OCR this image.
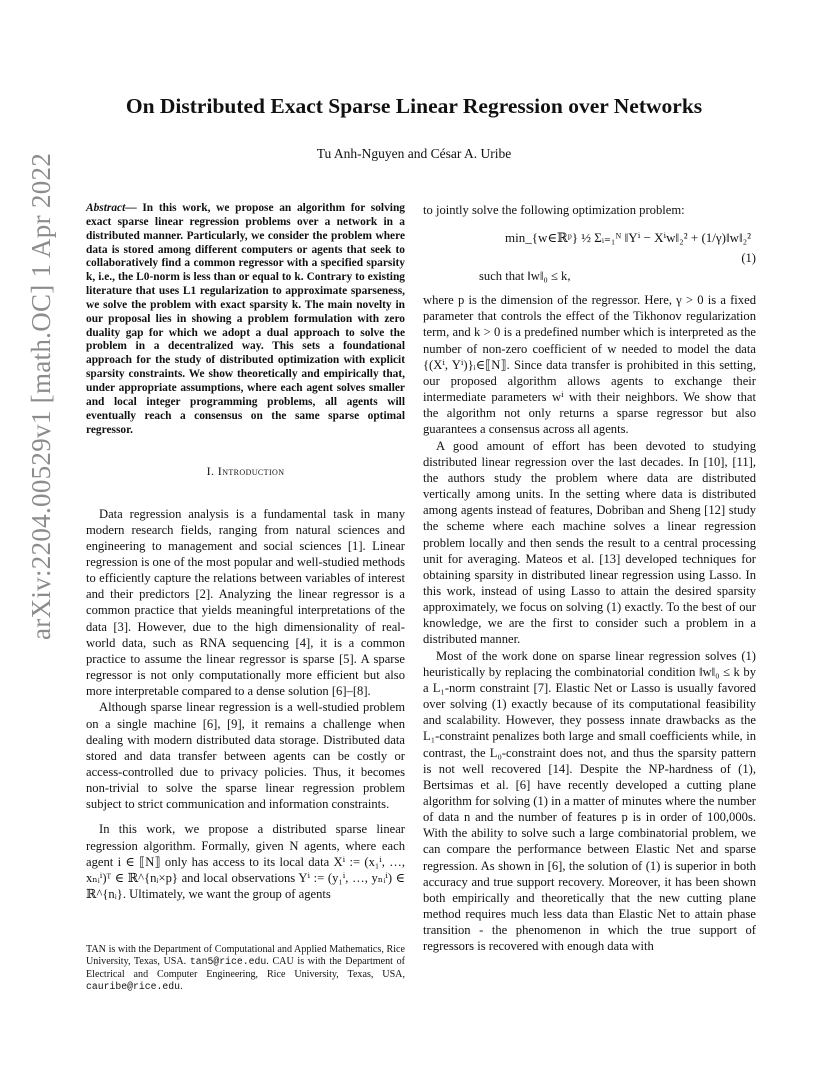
arXiv:2204.00529v1 [math.OC] 1 Apr 2022
On Distributed Exact Sparse Linear Regression over Networks
Tu Anh-Nguyen and César A. Uribe

Abstract— In this work, we propose an algorithm for solving exact sparse linear regression problems over a network in a distributed manner. Particularly, we consider the problem where data is stored among different computers or agents that seek to collaboratively find a common regressor with a specified sparsity k, i.e., the L0-norm is less than or equal to k. Contrary to existing literature that uses L1 regularization to approximate sparseness, we solve the problem with exact sparsity k. The main novelty in our proposal lies in showing a problem formulation with zero duality gap for which we adopt a dual approach to solve the problem in a decentralized way. This sets a foundational approach for the study of distributed optimization with explicit sparsity constraints. We show theoretically and empirically that, under appropriate assumptions, where each agent solves smaller and local integer programming problems, all agents will eventually reach a consensus on the same sparse optimal regressor.

I. Introduction

Data regression analysis is a fundamental task in many modern research fields, ranging from natural sciences and engineering to management and social sciences [1]. Linear regression is one of the most popular and well-studied methods to efficiently capture the relations between variables of interest and their predictors [2]. Analyzing the linear regressor is a common practice that yields meaningful interpretations of the data [3]. However, due to the high dimensionality of real-world data, such as RNA sequencing [4], it is a common practice to assume the linear regressor is sparse [5]. A sparse regressor is not only computationally more efficient but also more interpretable compared to a dense solution [6]–[8].

Although sparse linear regression is a well-studied problem on a single machine [6], [9], it remains a challenge when dealing with modern distributed data storage. Distributed data stored and data transfer between agents can be costly or access-controlled due to privacy policies. Thus, it becomes non-trivial to solve the sparse linear regression problem subject to strict communication and information constraints.

In this work, we propose a distributed sparse linear regression algorithm. Formally, given N agents, where each agent i ∈ ⟦N⟧ only has access to its local data Xⁱ := (x₁ⁱ, …, xₙᵢⁱ)ᵀ ∈ ℝ^{nᵢ×p} and local observations Yⁱ := (y₁ⁱ, …, yₙᵢⁱ) ∈ ℝ^{nᵢ}. Ultimately, we want the group of agents

TAN is with the Department of Computational and Applied Mathematics, Rice University, Texas, USA. tan5@rice.edu. CAU is with the Department of Electrical and Computer Engineering, Rice University, Texas, USA, cauribe@rice.edu.

to jointly solve the following optimization problem:

min_{w∈ℝᵖ} ½ Σᵢ₌₁ᴺ ‖Yⁱ − Xⁱw‖₂² + (1/γ)‖w‖₂²
(1)
such that ‖w‖₀ ≤ k,

where p is the dimension of the regressor. Here, γ > 0 is a fixed parameter that controls the effect of the Tikhonov regularization term, and k > 0 is a predefined number which is interpreted as the number of non-zero coefficient of w needed to model the data {(Xⁱ, Yⁱ)}ᵢ∈⟦N⟧. Since data transfer is prohibited in this setting, our proposed algorithm allows agents to exchange their intermediate parameters wⁱ with their neighbors. We show that the algorithm not only returns a sparse regressor but also guarantees a consensus across all agents.

A good amount of effort has been devoted to studying distributed linear regression over the last decades. In [10], [11], the authors study the problem where data are distributed vertically among units. In the setting where data is distributed among agents instead of features, Dobriban and Sheng [12] study the scheme where each machine solves a linear regression problem locally and then sends the result to a central processing unit for averaging. Mateos et al. [13] developed techniques for obtaining sparsity in distributed linear regression using Lasso. In this work, instead of using Lasso to attain the desired sparsity approximately, we focus on solving (1) exactly. To the best of our knowledge, we are the first to consider such a problem in a distributed manner.

Most of the work done on sparse linear regression solves (1) heuristically by replacing the combinatorial condition ‖w‖₀ ≤ k by a L₁-norm constraint [7]. Elastic Net or Lasso is usually favored over solving (1) exactly because of its computational feasibility and scalability. However, they possess innate drawbacks as the L₁-constraint penalizes both large and small coefficients while, in contrast, the L₀-constraint does not, and thus the sparsity pattern is not well recovered [14]. Despite the NP-hardness of (1), Bertsimas et al. [6] have recently developed a cutting plane algorithm for solving (1) in a matter of minutes where the number of data n and the number of features p is in order of 100,000s. With the ability to solve such a large combinatorial problem, we can compare the performance between Elastic Net and sparse regression. As shown in [6], the solution of (1) is superior in both accuracy and true support recovery. Moreover, it has been shown both empirically and theoretically that the new cutting plane method requires much less data than Elastic Net to attain phase transition - the phenomenon in which the true support of regressors is recovered with enough data with
